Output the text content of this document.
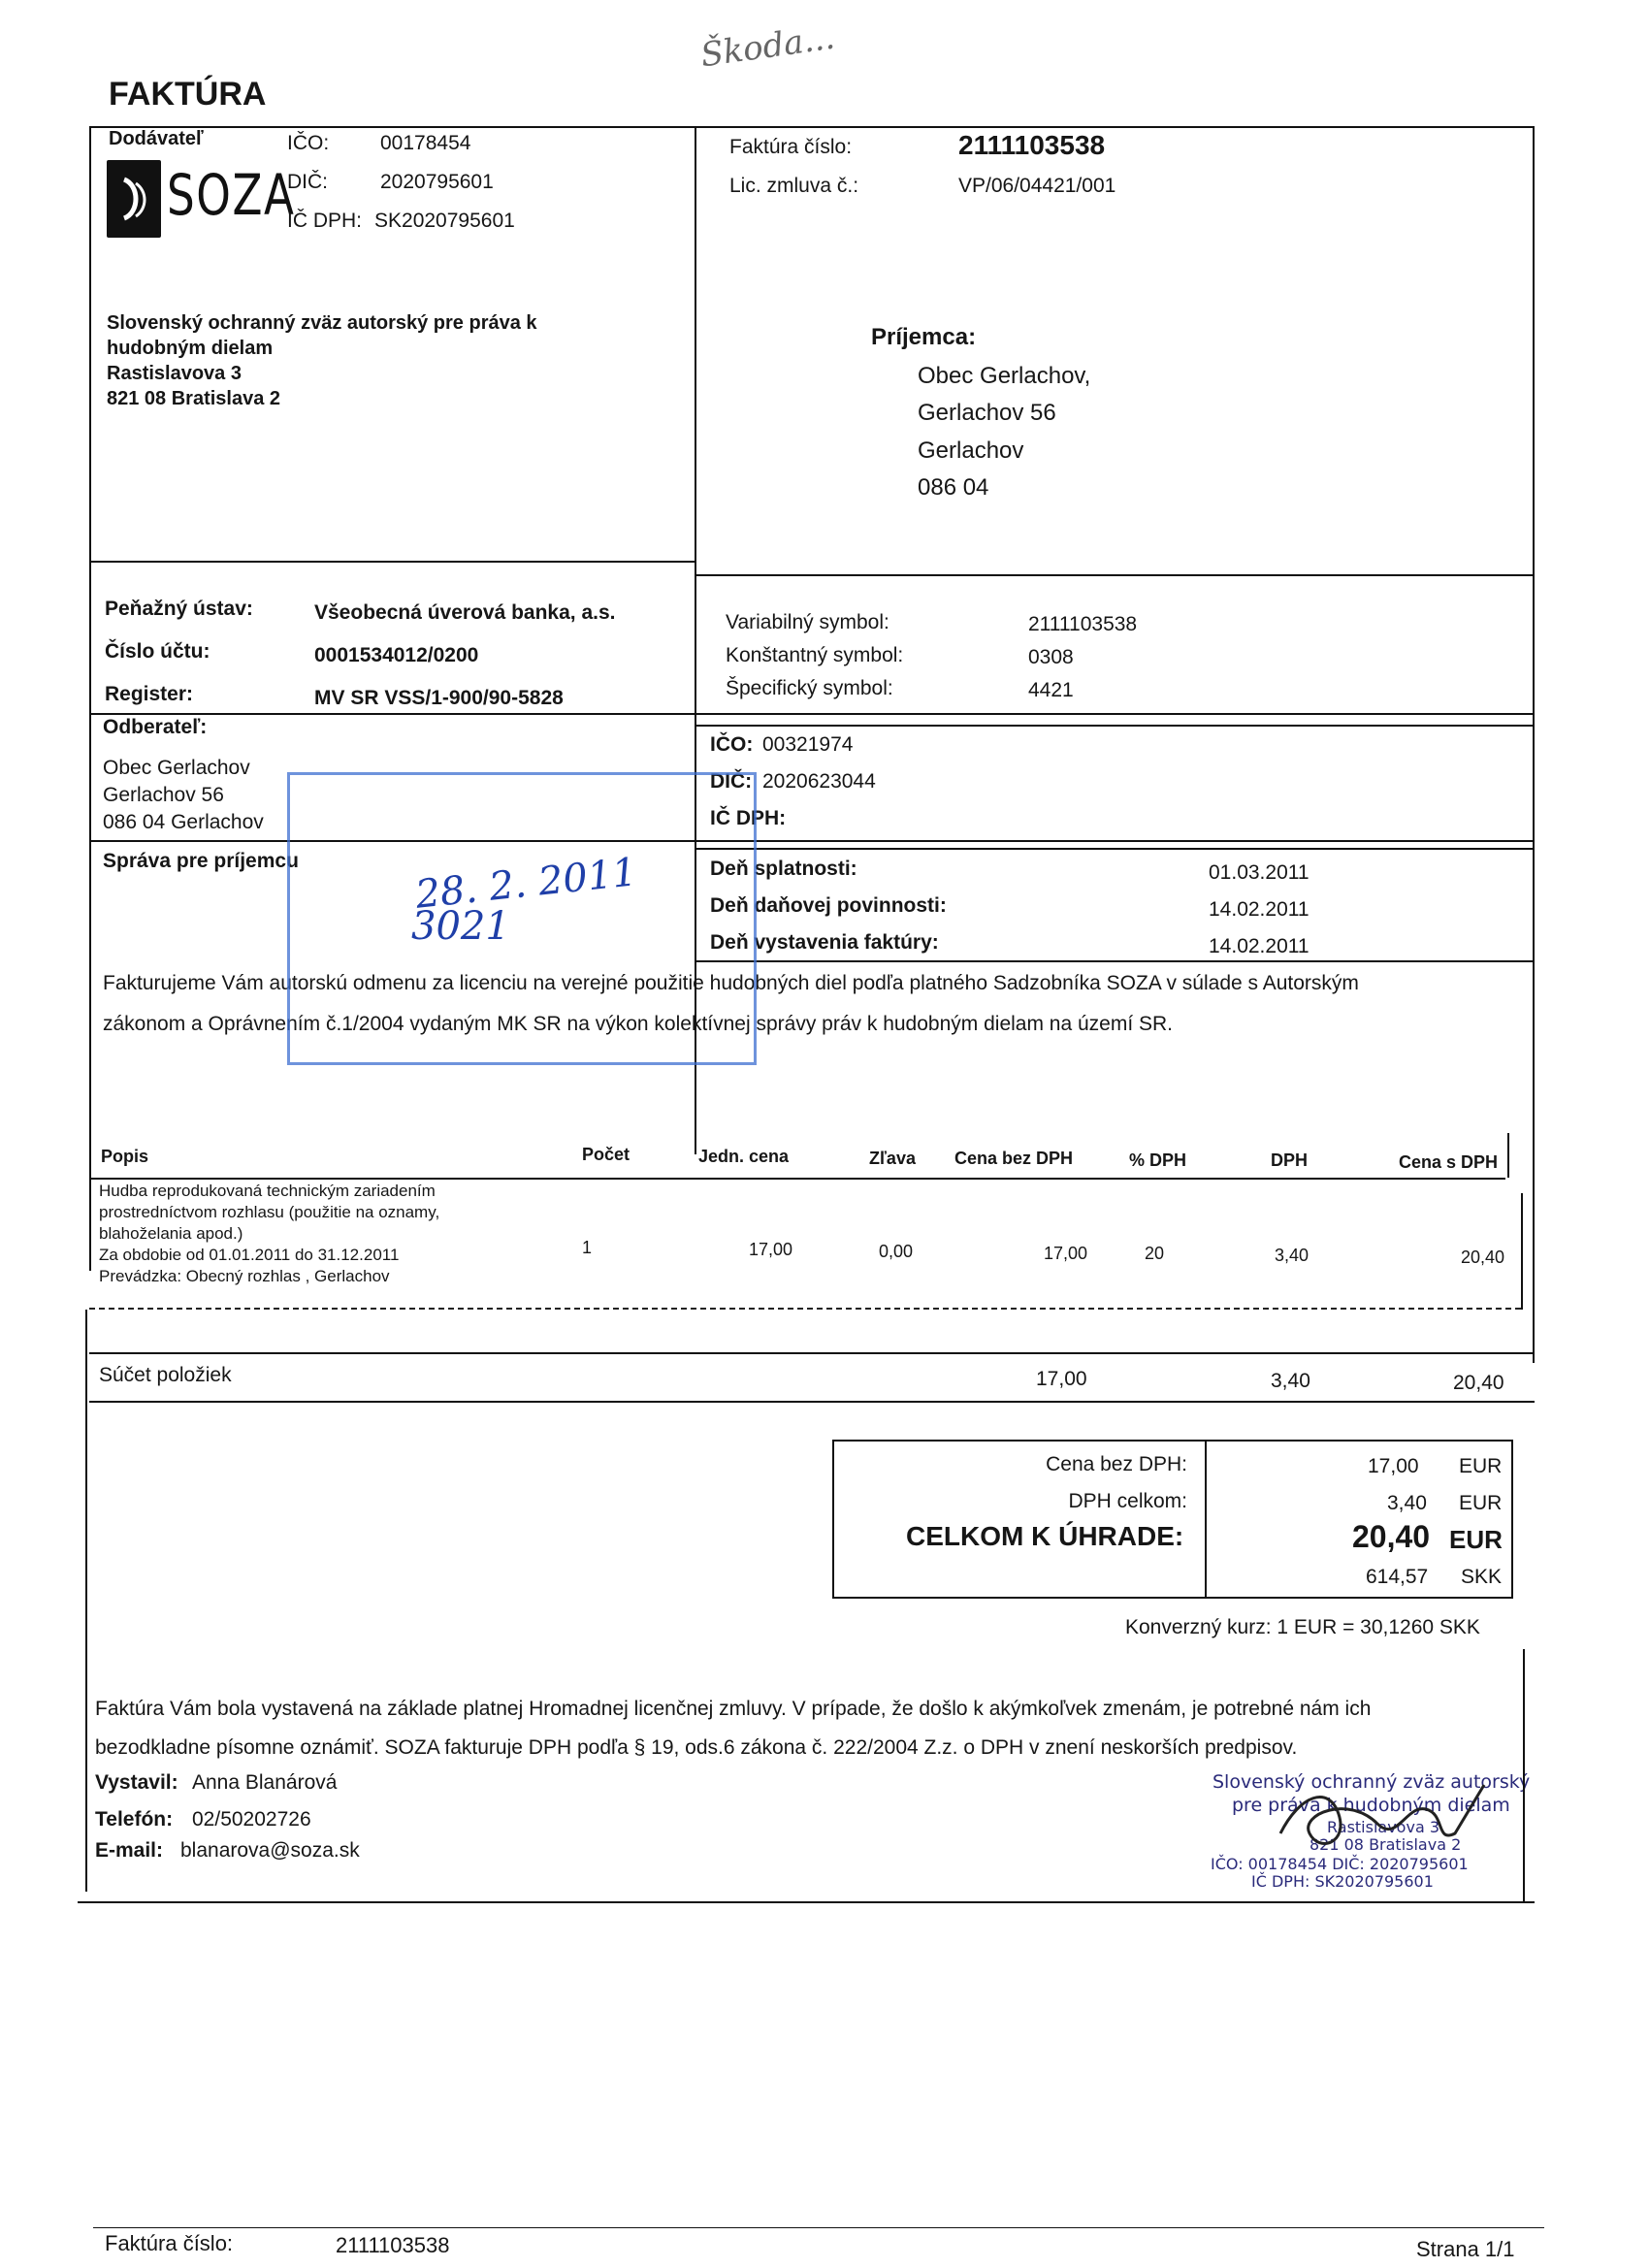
Škoda...
FAKTÚRA
Dodávateľ
SOZA
IČO:	00178454
DIČ:	2020795601
IČ DPH: SK2020795601
Slovenský ochranný zväz autorský pre práva k
hudobným dielam
Rastislavova 3
821 08 Bratislava 2
Faktúra číslo:	2111103538
Lic. zmluva č.:	VP/06/04421/001
Príjemca:
Obec Gerlachov,
Gerlachov 56
Gerlachov
086 04
Peňažný ústav:	Všeobecná úverová banka, a.s.
Číslo účtu:	0001534012/0200
Register:	MV SR VSS/1-900/90-5828
Variabilný symbol:	2111103538
Konštantný symbol:	0308
Špecifický symbol:	4421
Odberateľ:
Obec Gerlachov
Gerlachov 56
086 04 Gerlachov
IČO: 00321974
DIČ: 2020623044
IČ DPH:
Správa pre príjemcu	Deň splatnosti:	01.03.2011
Deň daňovej povinnosti:	14.02.2011
Deň vystavenia faktúry:	14.02.2011
Fakturujeme Vám autorskú odmenu za licenciu na verejné použitie hudobných diel podľa platného Sadzobníka SOZA v súlade s Autorským
zákonom a Oprávnením č.1/2004 vydaným MK SR na výkon kolektívnej správy práv k hudobným dielam na území SR.
28. 2. 2011
3021
Popis	Počet	Jedn. cena	Zľava Cena bez DPH	% DPH	DPH	Cena s DPH
Hudba reprodukovaná technickým zariadením
prostredníctvom rozhlasu (použitie na oznamy,
blahoželania apod.)
Za obdobie od 01.01.2011 do 31.12.2011
Prevádzka: Obecný rozhlas , Gerlachov
1	17,00	0,00	17,00	20	3,40	20,40
Súčet položiek	17,00	3,40	20,40
Cena bez DPH:	17,00 EUR
DPH celkom:	3,40 EUR
CELKOM K ÚHRADE:	20,40 EUR
614,57 SKK
Konverzný kurz: 1 EUR = 30,1260 SKK
Faktúra Vám bola vystavená na základe platnej Hromadnej licenčnej zmluvy. V prípade, že došlo k akýmkoľvek zmenám, je potrebné nám ich
bezodkladne písomne oznámiť. SOZA fakturuje DPH podľa § 19, ods.6 zákona č. 222/2004 Z.z. o DPH v znení neskorších predpisov.
Vystavil: Anna Blanárová
Telefón: 02/50202726
E-mail: blanarova@soza.sk
Slovenský ochranný zväz autorský
pre práva k hudobným dielam
Rastislavova 3
821 08 Bratislava 2
IČO: 00178454 DIČ: 2020795601
IČ DPH: SK2020795601
Faktúra číslo:	2111103538	Strana 1/1
